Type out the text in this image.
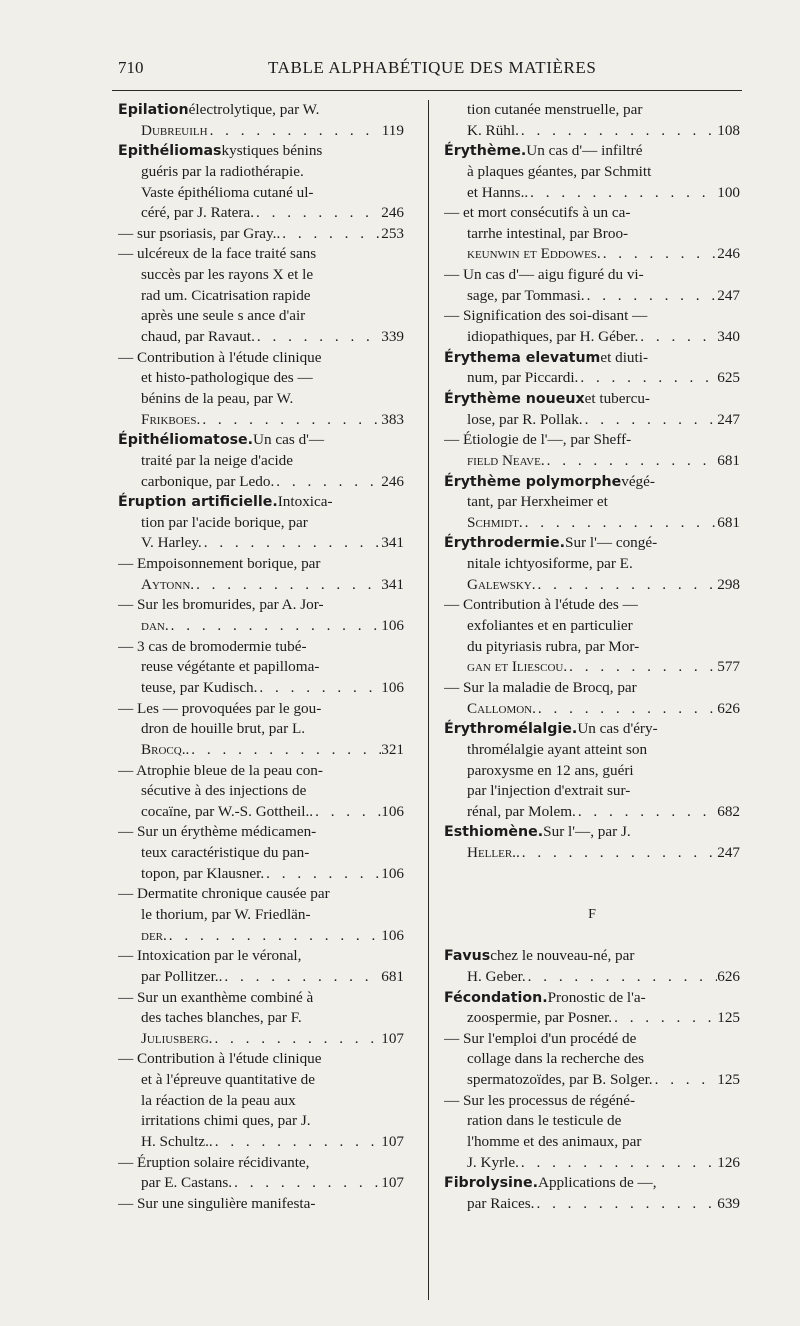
710	TABLE ALPHABÉTIQUE DES MATIÈRES
Epilation électrolytique, par W.
Dubreuilh . . .	119
Epithéliomas kystiques bénins
guéris par la radiothérapie.
Vaste épithélioma cutané ul-
céré, par J. Ratera. . . .	246
— sur psoriasis, par Gray.. . . .	253
— ulcéreux de la face traité sans
succès par les rayons X et le
rad um. Cicatrisation rapide
après une seule s ance d'air
chaud, par Ravaut. . . .	339
— Contribution à l'étude clinique
et histo-pathologique des —
bénins de la peau, par W.
Frikboes. . . .	383
Épithéliomatose. Un cas d'—
traité par la neige d'acide
carbonique, par Ledo. . . .	246
Éruption artificielle. Intoxica-
tion par l'acide borique, par
V. Harley. . . .	341
— Empoisonnement borique, par
Aytonn. . . .	341
— Sur les bromurides, par A. Jor-
dan. . . .	106
— 3 cas de bromodermie tubé-
reuse végétante et papilloma-
teuse, par Kudisch. . . .	106
— Les — provoquées par le gou-
dron de houille brut, par L.
Brocq.. . . .	321
— Atrophie bleue de la peau con-
sécutive à des injections de
cocaïne, par W.-S. Gottheil.. . . .	106
— Sur un érythème médicamen-
teux caractéristique du pan-
topon, par Klausner. . . .	106
— Dermatite chronique causée par
le thorium, par W. Friedlän-
der. . . .	106
— Intoxication par le véronal,
par Pollitzer.. . . .	681
— Sur un exanthème combiné à
des taches blanches, par F.
Juliusberg. . . .	107
— Contribution à l'étude clinique
et à l'épreuve quantitative de
la réaction de la peau aux
irritations chimi ques, par J.
H. Schultz.. . . .	107
— Éruption solaire récidivante,
par E. Castans. . . .	107
— Sur une singulière manifesta-
tion cutanée menstruelle, par
K. Rühl. . . .	108
Érythème. Un cas d'— infiltré
à plaques géantes, par Schmitt
et Hanns.. . . .	100
— et mort consécutifs à un ca-
tarrhe intestinal, par Broo-
keunwin et Eddowes. . . .	246
— Un cas d'— aigu figuré du vi-
sage, par Tommasi. . . .	247
— Signification des soi-disant —
idiopathiques, par H. Géber. . . .	340
Érythema elevatum et diuti-
num, par Piccardi. . . .	625
Érythème noueux et tubercu-
lose, par R. Pollak. . . .	247
— Étiologie de l'—, par Sheff-
field Neave. . . .	681
Érythème polymorphe végé-
tant, par Herxheimer et
Schmidt. . . .	681
Érythrodermie. Sur l'— congé-
nitale ichtyosiforme, par E.
Galewsky. . . .	298
— Contribution à l'étude des —
exfoliantes et en particulier
du pityriasis rubra, par Mor-
gan et Iliescou. . . .	577
— Sur la maladie de Brocq, par
Callomon. . . .	626
Érythromélalgie. Un cas d'éry-
thromélalgie ayant atteint son
paroxysme en 12 ans, guéri
par l'injection d'extrait sur-
rénal, par Molem. . . .	682
Esthiomène. Sur l'—, par J.
Heller.. . . .	247
F
Favus chez le nouveau-né, par
H. Geber. . . .	626
Fécondation. Pronostic de l'a-
zoospermie, par Posner. . . .	125
— Sur l'emploi d'un procédé de
collage dans la recherche des
spermatozoïdes, par B. Solger. . . .	125
— Sur les processus de régéné-
ration dans le testicule de
l'homme et des animaux, par
J. Kyrle. . . .	126
Fibrolysine. Applications de —,
par Raices. . . .	639
